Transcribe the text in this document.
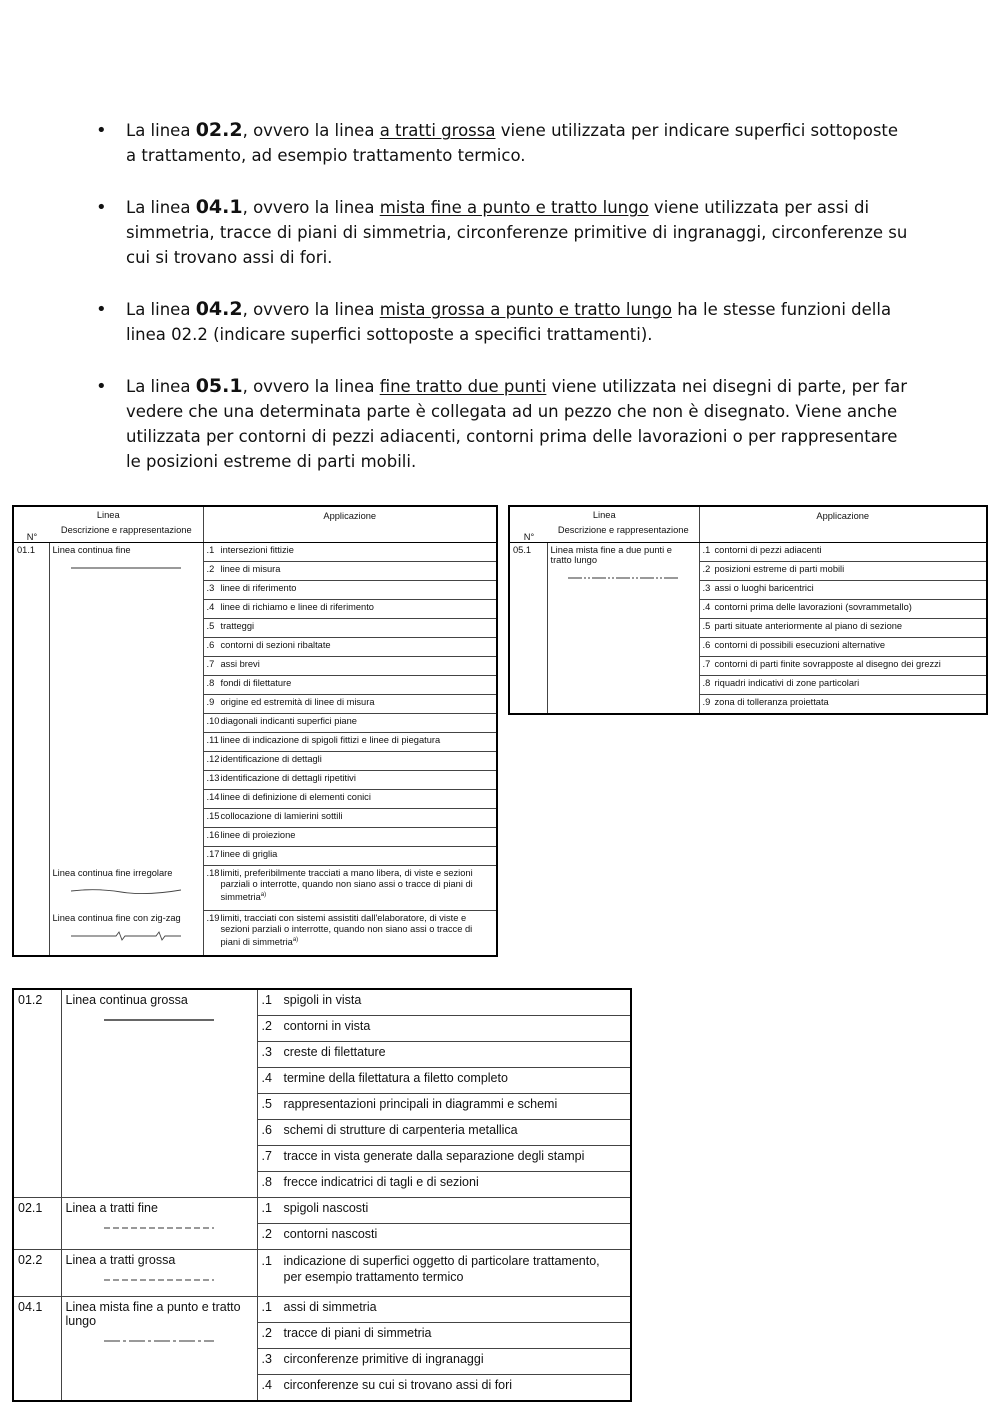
• La linea 02.2, ovvero la linea a tratti grossa viene utilizzata per indicare superfici sottoposte a trattamento, ad esempio trattamento termico.
• La linea 04.1, ovvero la linea mista fine a punto e tratto lungo viene utilizzata per assi di simmetria, tracce di piani di simmetria, circonferenze primitive di ingranaggi, circonferenze su cui si trovano assi di fori.
• La linea 04.2, ovvero la linea mista grossa a punto e tratto lungo ha le stesse funzioni della linea 02.2 (indicare superfici sottoposte a specifici trattamenti).
• La linea 05.1, ovvero la linea fine tratto due punti viene utilizzata nei disegni di parte, per far vedere che una determinata parte è collegata ad un pezzo che non è disegnato. Viene anche utilizzata per contorni di pezzi adiacenti, contorni prima delle lavorazioni o per rappresentare le posizioni estreme di parti mobili.
Linea
N°
Descrizione e rappresentazione		Applicazione
01.1	Linea continua fine	.1 intersezioni fittizie
		.2 linee di misura
		.3 linee di riferimento
		.4 linee di richiamo e linee di riferimento
		.5 tratteggi
		.6 contorni di sezioni ribaltate
		.7 assi brevi
		.8 fondi di filettature
		.9 origine ed estremità di linee di misura
		.10diagonali indicanti superfici piane
		.11 linee di indicazione di spigoli fittizi e linee di piegatura
		.12identificazione di dettagli
		.13identificazione di dettagli ripetitivi
		.14linee di definizione di elementi conici
		.15collocazione di lamierini sottili
		.16linee di proiezione
		.17linee di griglia

	Linea continua fine irregolare	.18limiti, preferibilmente tracciati a mano libera, di viste e sezioni parziali o interrotte, quando non siano assi o tracce di piani di simmetria$^{a)}$

	Linea continua fine con zig-zag	.19limiti, tracciati con sistemi assistiti dall'elaboratore, di viste e sezioni parziali o interrotte, quando non siano assi o tracce di piani di simmetria$^{a)}$
Linea
N°
Descrizione e rappresentazione		Applicazione
05.1	Linea mista fine a due punti e tratto lungo	.1 contorni di pezzi adiacenti
		.2 posizioni estreme di parti mobili
		.3 assi o luoghi baricentrici
		.4 contorni prima delle lavorazioni (sovrammetallo)
		.5 parti situate anteriormente al piano di sezione
		.6 contorni di possibili esecuzioni alternative
		.7 contorni di parti finite sovrapposte al disegno dei grezzi
		.8 riquadri indicativi di zone particolari
		.9 zona di tolleranza proiettata
01.2	Linea continua grossa	.1 spigoli in vista
		.2 contorni in vista
		.3 creste di filettature
		.4 termine della filettatura a filetto completo
		.5 rappresentazioni principali in diagrammi e schemi
		.6 schemi di strutture di carpenteria metallica
		.7 tracce in vista generate dalla separazione degli stampi
		.8 frecce indicatrici di tagli e di sezioni
02.1	Linea a tratti fine	.1 spigoli nascosti
		.2 contorni nascosti
02.2	Linea a tratti grossa	.1 indicazione di superfici oggetto di particolare trattamento, per esempio trattamento termico
04.1	Linea mista fine a punto e tratto lungo	.1 assi di simmetria
		.2 tracce di piani di simmetria
		.3 circonferenze primitive di ingranaggi
		.4 circonferenze su cui si trovano assi di fori
